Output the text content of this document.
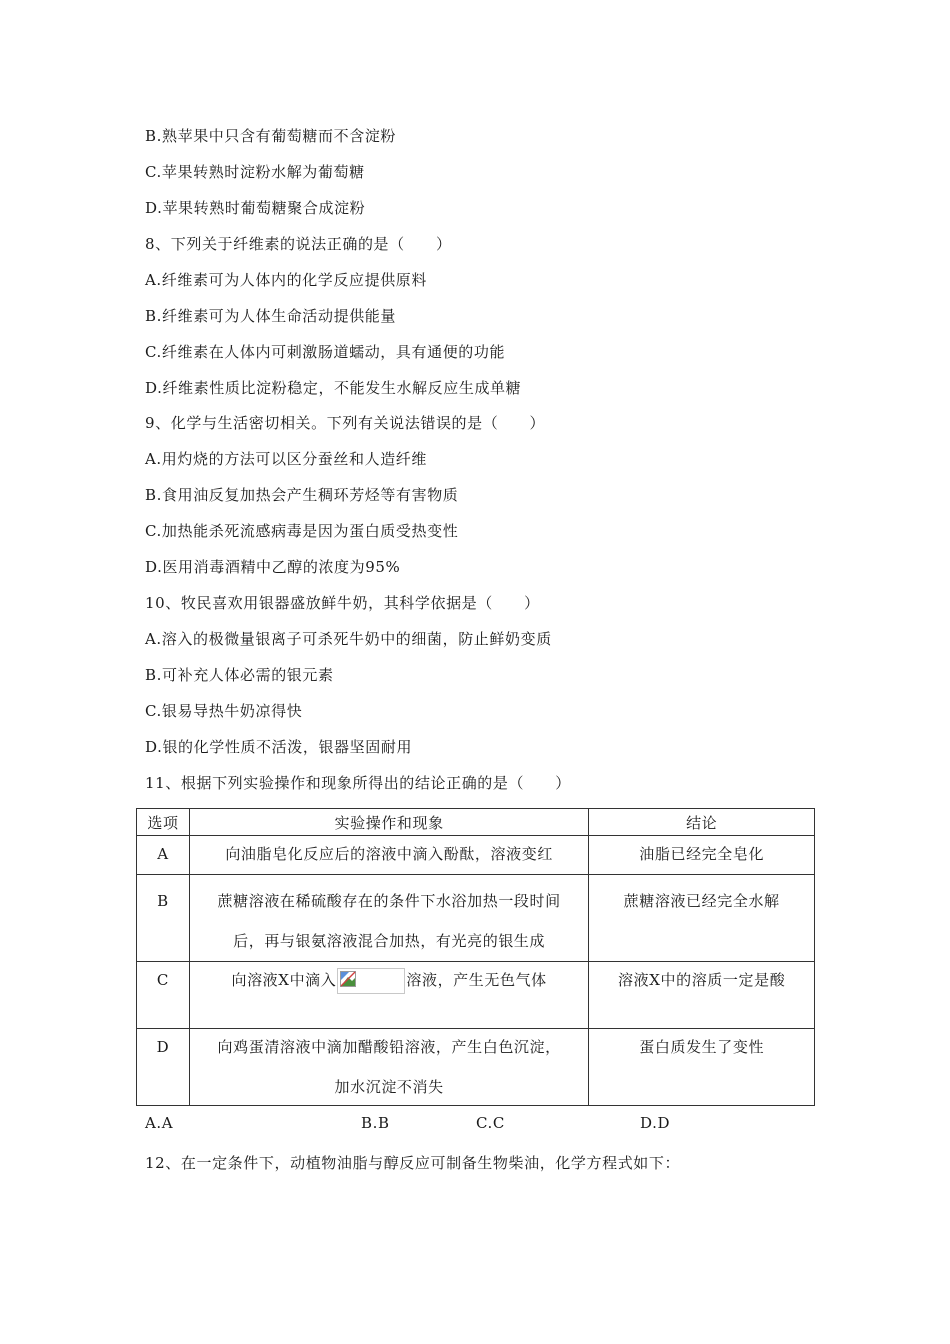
B.熟苹果中只含有葡萄糖而不含淀粉
C.苹果转熟时淀粉水解为葡萄糖
D.苹果转熟时葡萄糖聚合成淀粉
8、下列关于纤维素的说法正确的是（　　）
A.纤维素可为人体内的化学反应提供原料
B.纤维素可为人体生命活动提供能量
C.纤维素在人体内可刺激肠道蠕动，具有通便的功能
D.纤维素性质比淀粉稳定，不能发生水解反应生成单糖
9、化学与生活密切相关。下列有关说法错误的是（　　）
A.用灼烧的方法可以区分蚕丝和人造纤维
B.食用油反复加热会产生稠环芳烃等有害物质
C.加热能杀死流感病毒是因为蛋白质受热变性
D.医用消毒酒精中乙醇的浓度为95%
10、牧民喜欢用银器盛放鲜牛奶，其科学依据是（　　）
A.溶入的极微量银离子可杀死牛奶中的细菌，防止鲜奶变质
B.可补充人体必需的银元素
C.银易导热牛奶凉得快
D.银的化学性质不活泼，银器坚固耐用
11、根据下列实验操作和现象所得出的结论正确的是（　　）
选项	实验操作和现象	结论
A	向油脂皂化反应后的溶液中滴入酚酞，溶液变红	油脂已经完全皂化
B	蔗糖溶液在稀硫酸存在的条件下水浴加热一段时间
后，再与银氨溶液混合加热，有光亮的银生成	蔗糖溶液已经完全水解
C	向溶液X中滴入 溶液，产生无色气体	溶液X中的溶质一定是酸
D	向鸡蛋清溶液中滴加醋酸铅溶液，产生白色沉淀，
加水沉淀不消失	蛋白质发生了变性
A.A	B.B	C.C	D.D
12、在一定条件下，动植物油脂与醇反应可制备生物柴油，化学方程式如下：
